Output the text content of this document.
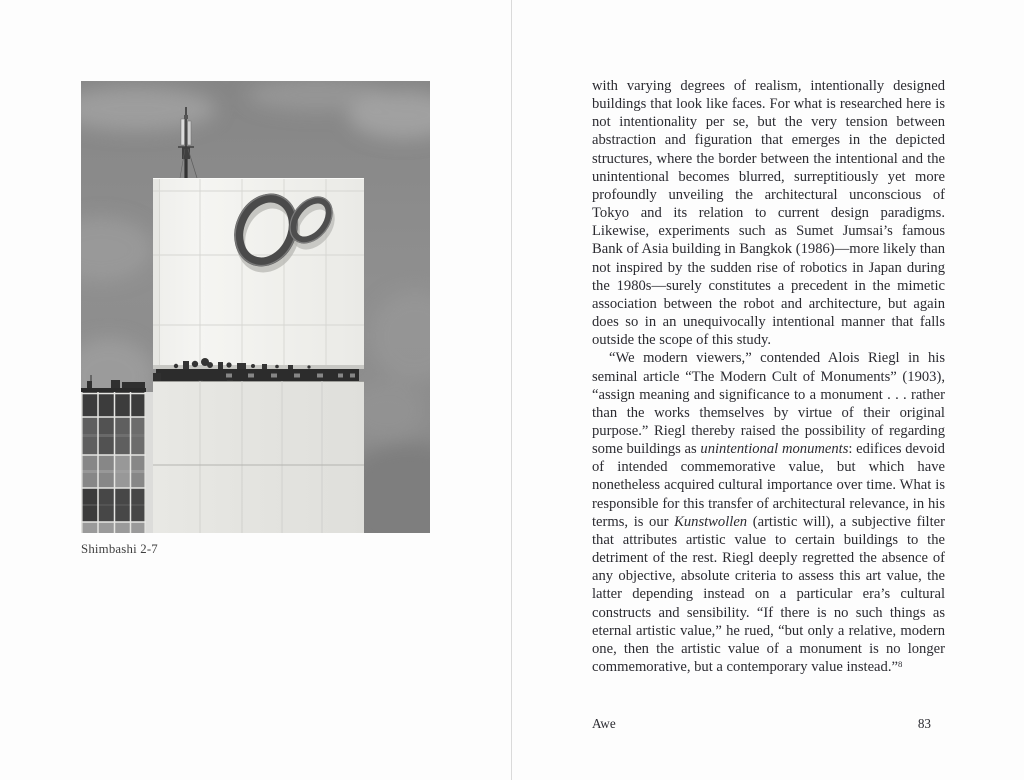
Shimbashi 2-7

with varying degrees of realism, intentionally designed buildings that look like faces. For what is researched here is not intentionality per se, but the very tension between abstraction and figuration that emerges in the depicted structures, where the border between the intentional and the unintentional becomes blurred, surreptitiously yet more profoundly unveiling the architectural unconscious of Tokyo and its relation to current design paradigms. Likewise, experiments such as Sumet Jumsai’s famous Bank of Asia building in Bangkok (1986)—more likely than not inspired by the sudden rise of robotics in Japan during the 1980s—surely constitutes a precedent in the mimetic association between the robot and architecture, but again does so in an unequivocally intentional manner that falls outside the scope of this study.

“We modern viewers,” contended Alois Riegl in his seminal article “The Modern Cult of Monuments” (1903), “assign meaning and significance to a monument . . . rather than the works themselves by virtue of their original purpose.” Riegl thereby raised the possibility of regarding some buildings as unintentional monuments: edifices devoid of intended commemorative value, but which have nonetheless acquired cultural importance over time. What is responsible for this transfer of architectural relevance, in his terms, is our Kunstwollen (artistic will), a subjective filter that attributes artistic value to certain buildings to the detriment of the rest. Riegl deeply regretted the absence of any objective, absolute criteria to assess this art value, the latter depending instead on a particular era’s cultural constructs and sensibility. “If there is no such things as eternal artistic value,” he rued, “but only a relative, modern one, then the artistic value of a monument is no longer commemorative, but a contemporary value instead.”$^8$

Awe	83
